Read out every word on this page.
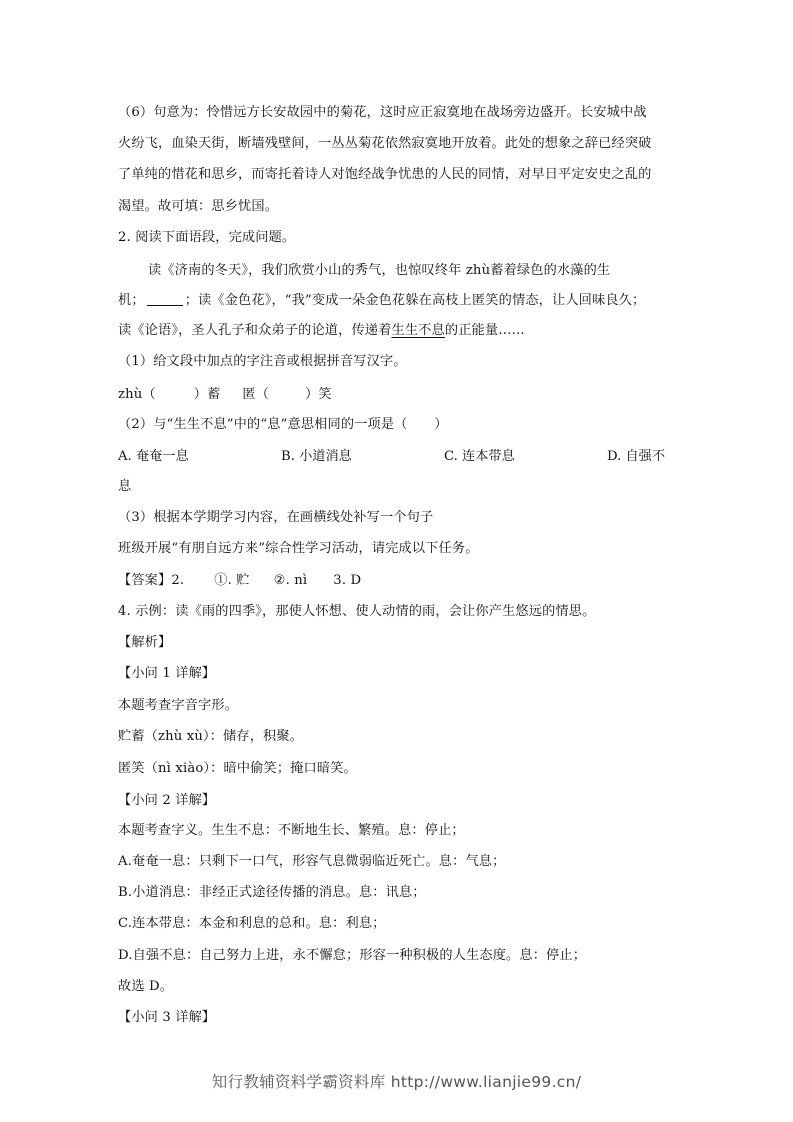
（6）句意为：怜惜远方长安故园中的菊花，这时应正寂寞地在战场旁边盛开。长安城中战
火纷飞，血染天街，断墙残壁间，一丛丛菊花依然寂寞地开放着。此处的想象之辞已经突破
了单纯的惜花和思乡，而寄托着诗人对饱经战争忧患的人民的同情，对早日平定安史之乱的
渴望。故可填：思乡忧国。
2. 阅读下面语段，完成问题。
读《济南的冬天》，我们欣赏小山的秀气，也惊叹终年 zhù蓄着绿色的水藻的生
机；	；读《金色花》，“我”变成一朵金色花躲在高枝上匿笑的情态，让人回味良久；
读《论语》，圣人孔子和众弟子的论道，传递着生生不息的正能量……
（1）给文段中加点的字注音或根据拼音写汉字。
zhù（	）蓄 匿（	）笑
（2）与“生生不息”中的“息”意思相同的一项是（　　）
A. 奄奄一息	B. 小道消息	C. 连本带息	D. 自强不
息
（3）根据本学期学习内容，在画横线处补写一个句子
班级开展“有朋自远方来”综合性学习活动，请完成以下任务。
【答案】2. ①. 贮 ②. nì 3. D
4. 示例：读《雨的四季》，那使人怀想、使人动情的雨，会让你产生悠远的情思。
【解析】
【小问 1 详解】
本题考查字音字形。
贮蓄（zhù xù）：储存，积聚。
匿笑（nì xiào）：暗中偷笑；掩口暗笑。
【小问 2 详解】
本题考查字义。生生不息：不断地生长、繁殖。息：停止；
A.奄奄一息：只剩下一口气，形容气息微弱临近死亡。息：气息；
B.小道消息：非经正式途径传播的消息。息：讯息；
C.连本带息：本金和利息的总和。息：利息；
D.自强不息：自己努力上进，永不懈怠；形容一种积极的人生态度。息：停止；
故选 D。
【小问 3 详解】
知行教辅资料学霸资料库 http://www.lianjie99.cn/
